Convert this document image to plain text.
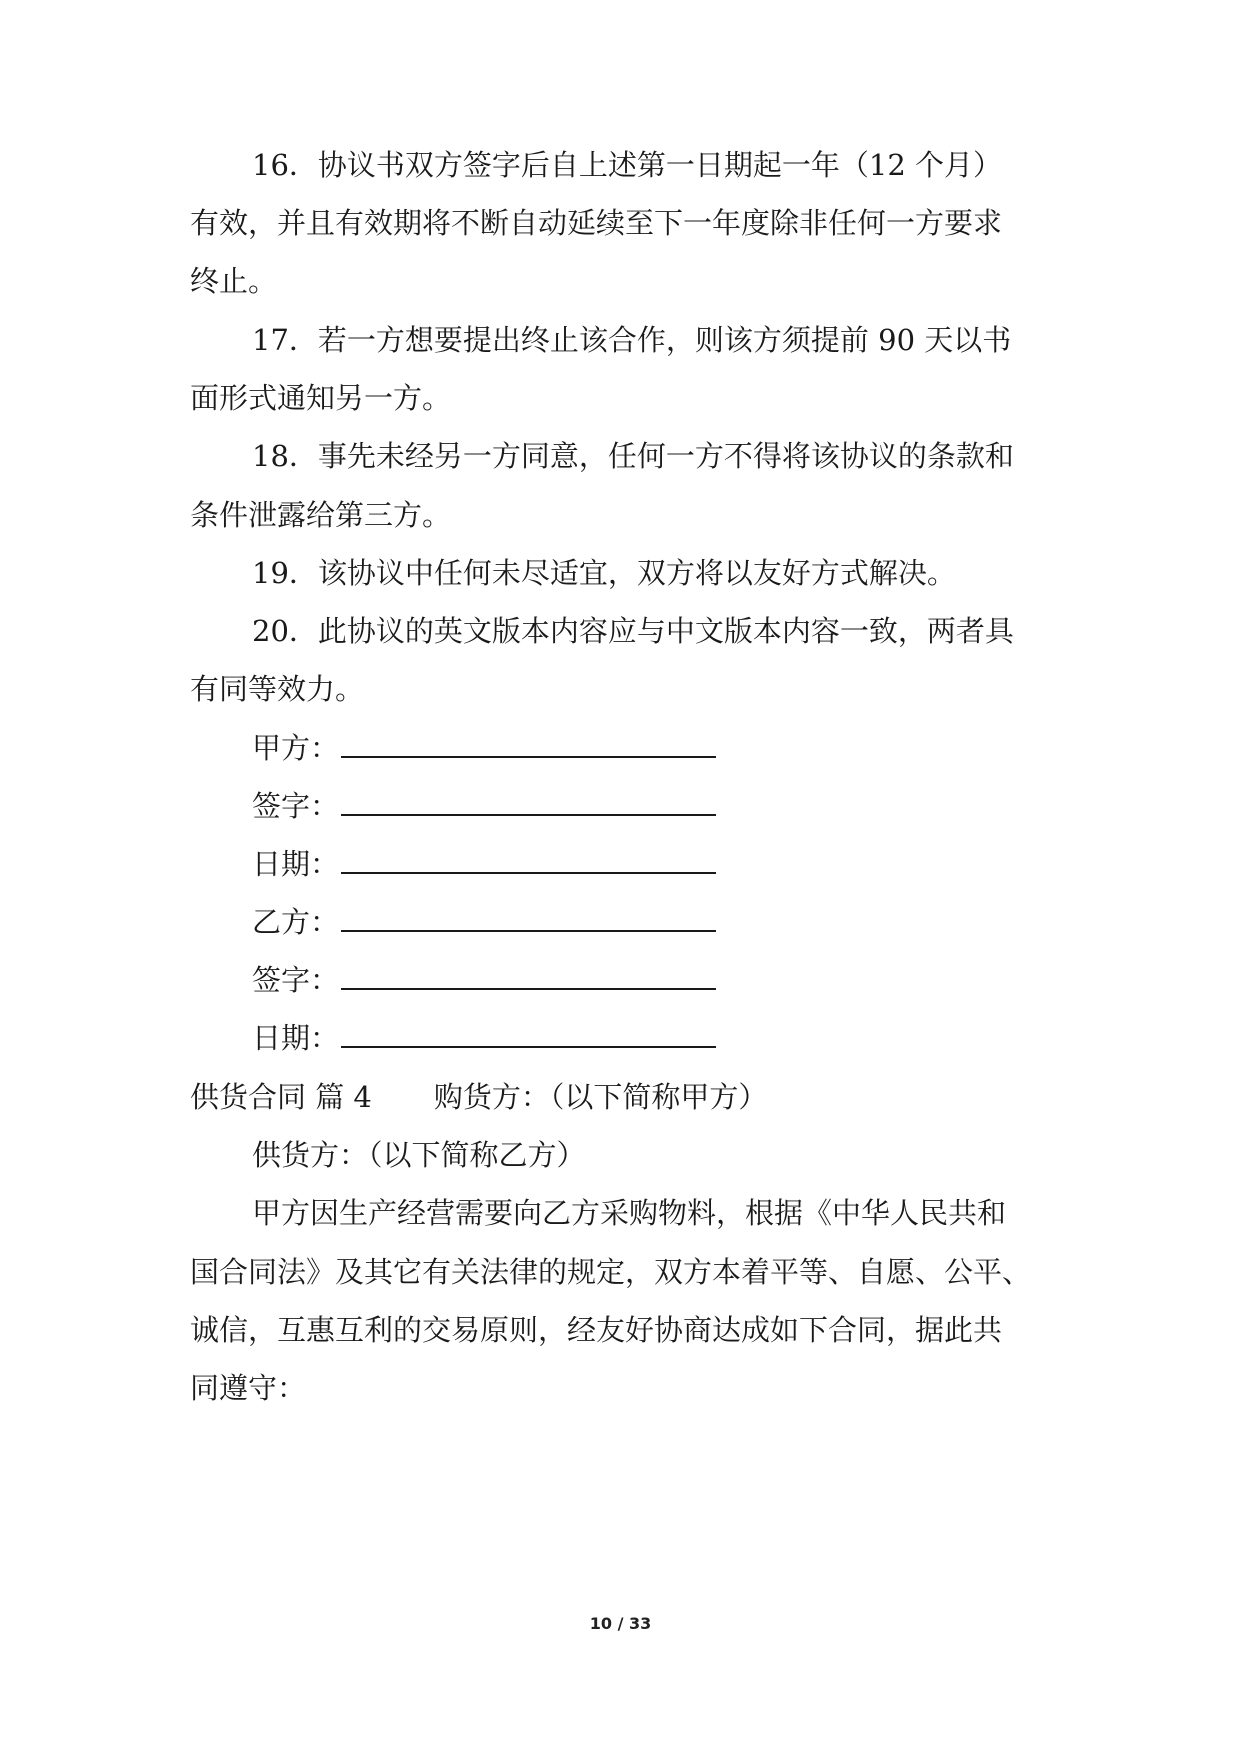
16．协议书双方签字后自上述第一日期起一年（12 个月）
有效，并且有效期将不断自动延续至下一年度除非任何一方要求
终止。
17．若一方想要提出终止该合作，则该方须提前 90 天以书
面形式通知另一方。
18．事先未经另一方同意，任何一方不得将该协议的条款和
条件泄露给第三方。
19．该协议中任何未尽适宜，双方将以友好方式解决。
20．此协议的英文版本内容应与中文版本内容一致，两者具
有同等效力。
甲方：
签字：
日期：
乙方：
签字：
日期：
供货合同 篇 4 购货方：（以下简称甲方）
供货方：（以下简称乙方）
甲方因生产经营需要向乙方采购物料，根据《中华人民共和
国合同法》及其它有关法律的规定，双方本着平等、自愿、公平、
诚信，互惠互利的交易原则，经友好协商达成如下合同，据此共
同遵守：
10 / 33
